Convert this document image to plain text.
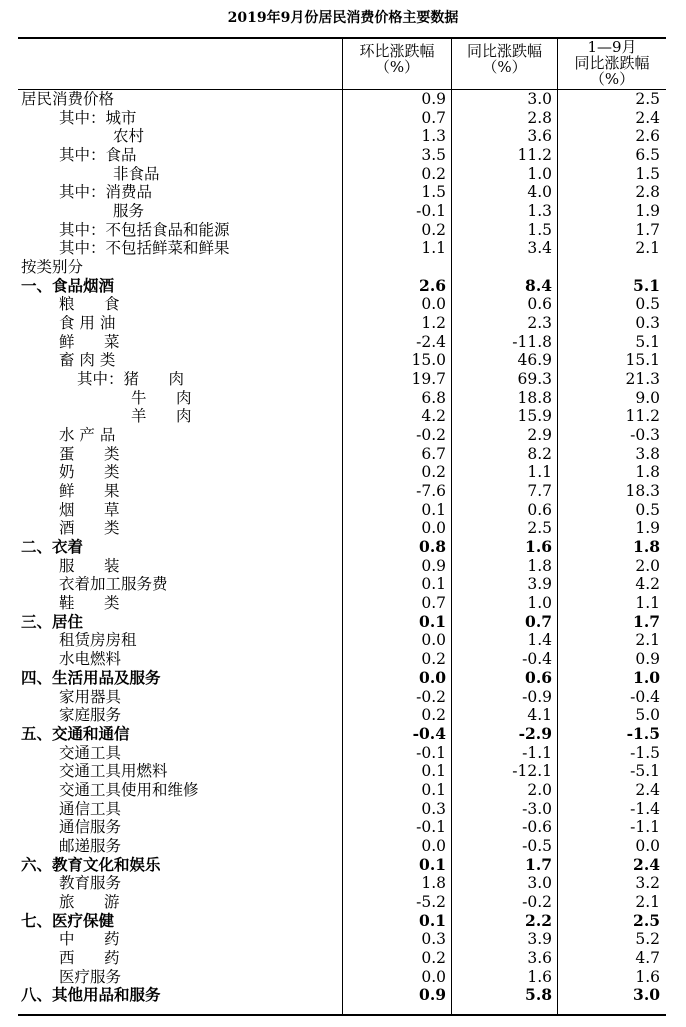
2019年9月份居民消费价格主要数据
环比涨跌幅
（%）
同比涨跌幅
（%）
1—9月
同比涨跌幅
（%）
居民消费价格	0.9	3.0	2.5
其中：城市	0.7	2.8	2.4
农村	1.3	3.6	2.6
其中：食品	3.5	11.2	6.5
非食品	0.2	1.0	1.5
其中：消费品	1.5	4.0	2.8
服务	-0.1	1.3	1.9
其中：不包括食品和能源	0.2	1.5	1.7
其中：不包括鲜菜和鲜果	1.1	3.4	2.1
按类别分
一、食品烟酒	2.6	8.4	5.1
粮      食	0.0	0.6	0.5
食 用 油	1.2	2.3	0.3
鲜      菜	-2.4	-11.8	5.1
畜 肉 类	15.0	46.9	15.1
其中：猪      肉	19.7	69.3	21.3
牛      肉	6.8	18.8	9.0
羊      肉	4.2	15.9	11.2
水 产 品	-0.2	2.9	-0.3
蛋      类	6.7	8.2	3.8
奶      类	0.2	1.1	1.8
鲜      果	-7.6	7.7	18.3
烟      草	0.1	0.6	0.5
酒      类	0.0	2.5	1.9
二、衣着	0.8	1.6	1.8
服      装	0.9	1.8	2.0
衣着加工服务费	0.1	3.9	4.2
鞋      类	0.7	1.0	1.1
三、居住	0.1	0.7	1.7
租赁房房租	0.0	1.4	2.1
水电燃料	0.2	-0.4	0.9
四、生活用品及服务	0.0	0.6	1.0
家用器具	-0.2	-0.9	-0.4
家庭服务	0.2	4.1	5.0
五、交通和通信	-0.4	-2.9	-1.5
交通工具	-0.1	-1.1	-1.5
交通工具用燃料	0.1	-12.1	-5.1
交通工具使用和维修	0.1	2.0	2.4
通信工具	0.3	-3.0	-1.4
通信服务	-0.1	-0.6	-1.1
邮递服务	0.0	-0.5	0.0
六、教育文化和娱乐	0.1	1.7	2.4
教育服务	1.8	3.0	3.2
旅      游	-5.2	-0.2	2.1
七、医疗保健	0.1	2.2	2.5
中      药	0.3	3.9	5.2
西      药	0.2	3.6	4.7
医疗服务	0.0	1.6	1.6
八、其他用品和服务	0.9	5.8	3.0
